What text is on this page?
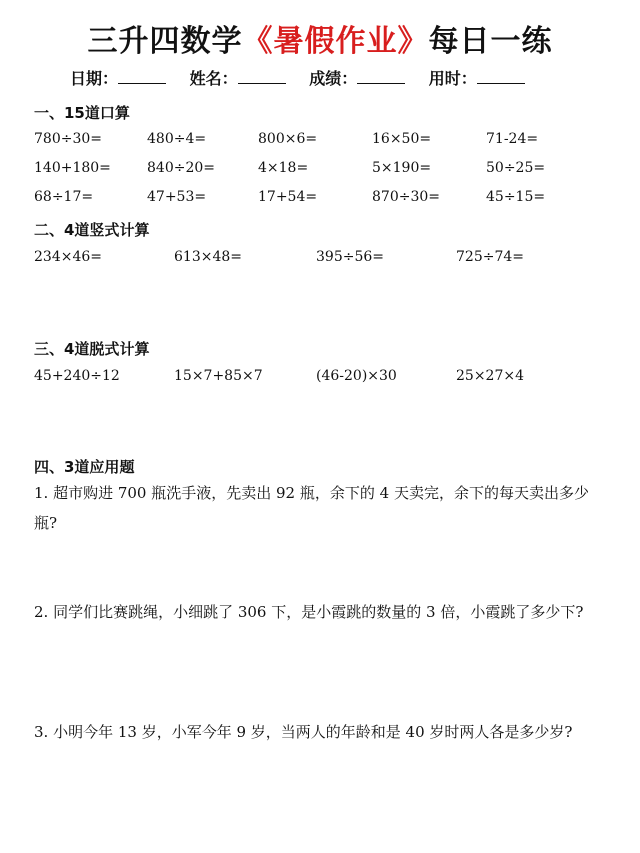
三升四数学《暑假作业》每日一练
日期：	姓名：	成绩：	用时：
一、15道口算
780÷30=	480÷4=	800×6=	16×50=	71-24=
140+180=	840÷20=	4×18=	5×190=	50÷25=
68÷17=	47+53=	17+54=	870÷30=	45÷15=
二、4道竖式计算
234×46=	613×48=	395÷56=	725÷74=
三、4道脱式计算
45+240÷12	15×7+85×7	(46-20)×30	25×27×4
四、3道应用题
1. 超市购进 700 瓶洗手液，先卖出 92 瓶，余下的 4 天卖完，余下的每天卖出多少瓶?
2. 同学们比赛跳绳，小细跳了 306 下，是小霞跳的数量的 3 倍，小霞跳了多少下?
3. 小明今年 13 岁，小军今年 9 岁，当两人的年龄和是 40 岁时两人各是多少岁?
